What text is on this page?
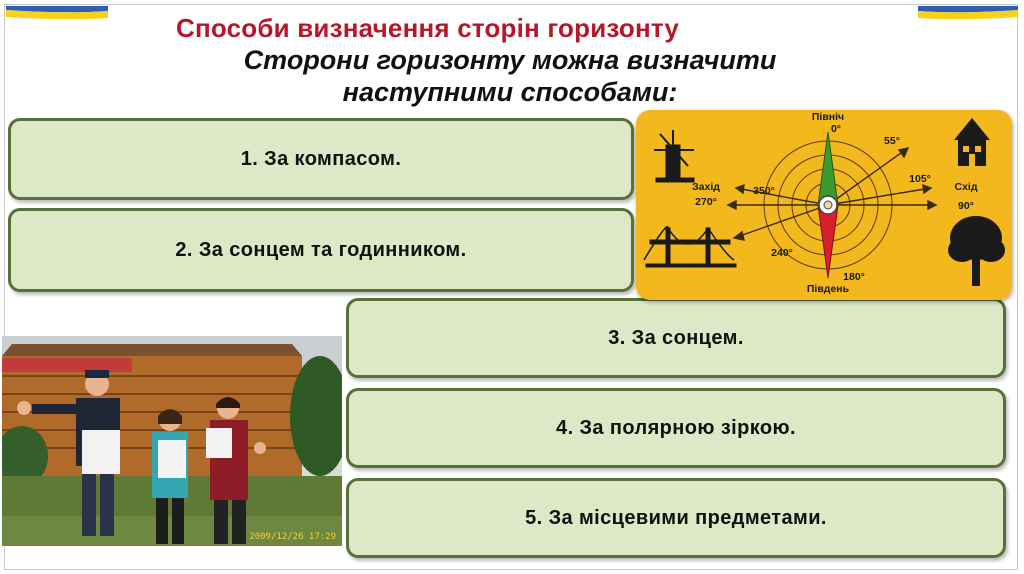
Способи визначення сторін горизонту
Сторони горизонту можна визначити
наступними способами:
1. За компасом.
2. За сонцем та годинником.
3. За сонцем.
4. За полярною зіркою.
5. За місцевими предметами.
Північ
0°
Південь
180°
Захід
270°
Схід
90°
55°
105°
350°
240°
2009/12/26 17:29
